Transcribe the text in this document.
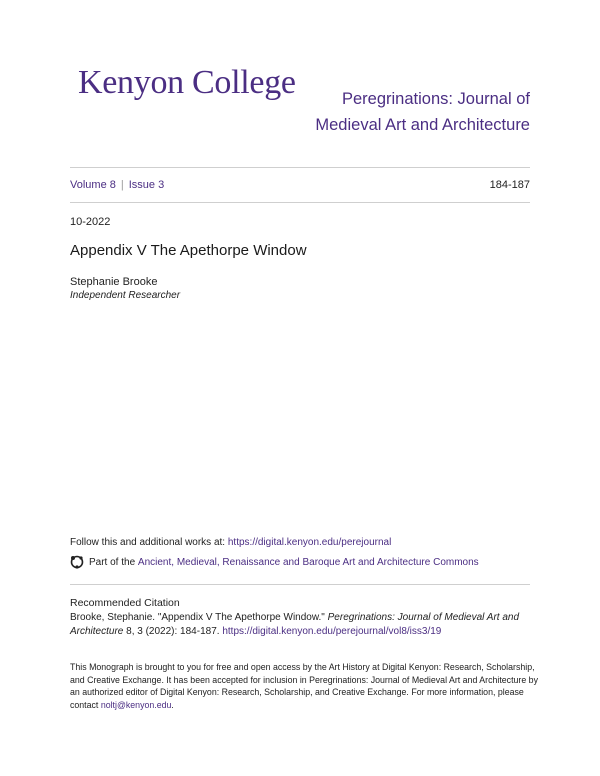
Kenyon College	Peregrinations: Journal of
Medieval Art and Architecture
Volume 8 | Issue 3	184-187
10-2022
Appendix V The Apethorpe Window
Stephanie Brooke
Independent Researcher
Follow this and additional works at: https://digital.kenyon.edu/perejournal
Part of the
Ancient, Medieval, Renaissance and Baroque Art and Architecture Commons
Recommended Citation
Brooke, Stephanie. "Appendix V The Apethorpe Window." Peregrinations: Journal of Medieval Art and Architecture 8, 3 (2022): 184-187. https://digital.kenyon.edu/perejournal/vol8/iss3/19
This Monograph is brought to you for free and open access by the Art History at Digital Kenyon: Research, Scholarship, and Creative Exchange. It has been accepted for inclusion in Peregrinations: Journal of Medieval Art and Architecture by an authorized editor of Digital Kenyon: Research, Scholarship, and Creative Exchange. For more information, please contact noltj@kenyon.edu.
